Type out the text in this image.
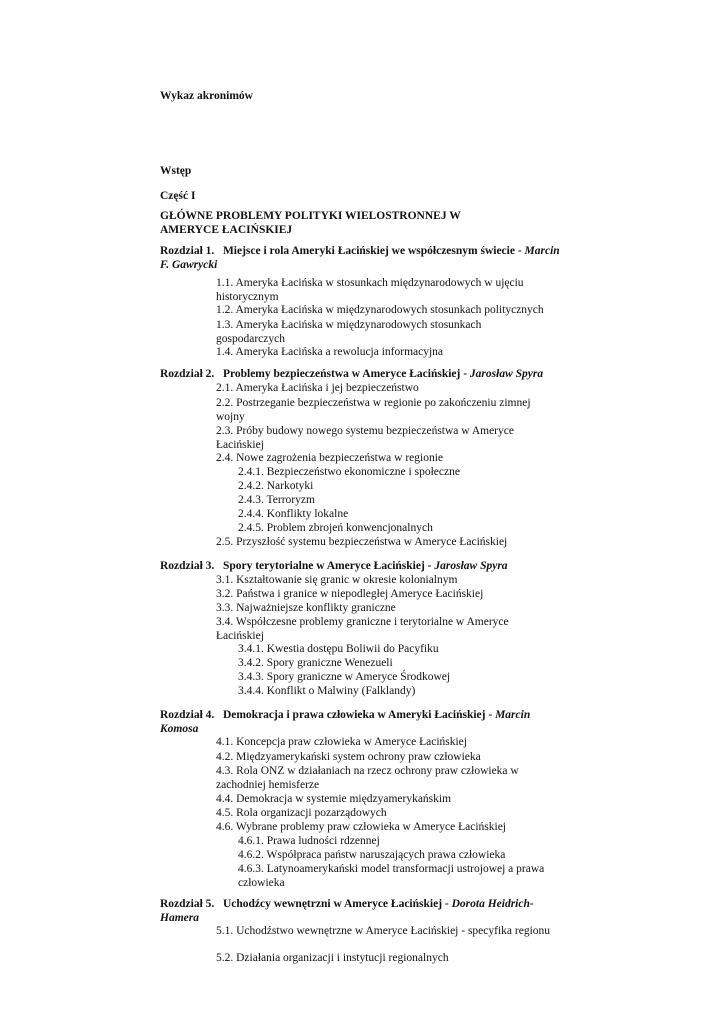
Wykaz akronimów
Wstęp
Część I
GŁÓWNE PROBLEMY POLITYKI WIELOSTRONNEJ W AMERYCE ŁACIŃSKIEJ
Rozdział 1. Miejsce i rola Ameryki Łacińskiej we współczesnym świecie - Marcin F. Gawrycki
1.1. Ameryka Łacińska w stosunkach międzynarodowych w ujęciu historycznym
1.2. Ameryka Łacińska w międzynarodowych stosunkach politycznych
1.3. Ameryka Łacińska w międzynarodowych stosunkach gospodarczych
1.4. Ameryka Łacińska a rewolucja informacyjna
Rozdział 2. Problemy bezpieczeństwa w Ameryce Łacińskiej - Jarosław Spyra
2.1. Ameryka Łacińska i jej bezpieczeństwo
2.2. Postrzeganie bezpieczeństwa w regionie po zakończeniu zimnej wojny
2.3. Próby budowy nowego systemu bezpieczeństwa w Ameryce Łacińskiej
2.4. Nowe zagrożenia bezpieczeństwa w regionie
2.4.1. Bezpieczeństwo ekonomiczne i społeczne
2.4.2. Narkotyki
2.4.3. Terroryzm
2.4.4. Konflikty lokalne
2.4.5. Problem zbrojeń konwencjonalnych
2.5. Przyszłość systemu bezpieczeństwa w Ameryce Łacińskiej
Rozdział 3. Spory terytorialne w Ameryce Łacińskiej - Jarosław Spyra
3.1. Kształtowanie się granic w okresie kolonialnym
3.2. Państwa i granice w niepodległej Ameryce Łacińskiej
3.3. Najważniejsze konflikty graniczne
3.4. Współczesne problemy graniczne i terytorialne w Ameryce Łacińskiej
3.4.1. Kwestia dostępu Boliwii do Pacyfiku
3.4.2. Spory graniczne Wenezueli
3.4.3. Spory graniczne w Ameryce Środkowej
3.4.4. Konflikt o Malwiny (Falklandy)
Rozdział 4. Demokracja i prawa człowieka w Ameryki Łacińskiej - Marcin Komosa
4.1. Koncepcja praw człowieka w Ameryce Łacińskiej
4.2. Międzyamerykański system ochrony praw człowieka
4.3. Rola ONZ w działaniach na rzecz ochrony praw człowieka w zachodniej hemisferze
4.4. Demokracja w systemie międzyamerykańskim
4.5. Rola organizacji pozarządowych
4.6. Wybrane problemy praw człowieka w Ameryce Łacińskiej
4.6.1. Prawa ludności rdzennej
4.6.2. Współpraca państw naruszających prawa człowieka
4.6.3. Latynoamerykański model transformacji ustrojowej a prawa człowieka
Rozdział 5. Uchodźcy wewnętrzni w Ameryce Łacińskiej - Dorota Heidrich-Hamera
5.1. Uchodźstwo wewnętrzne w Ameryce Łacińskiej - specyfika regionu
5.2. Działania organizacji i instytucji regionalnych
